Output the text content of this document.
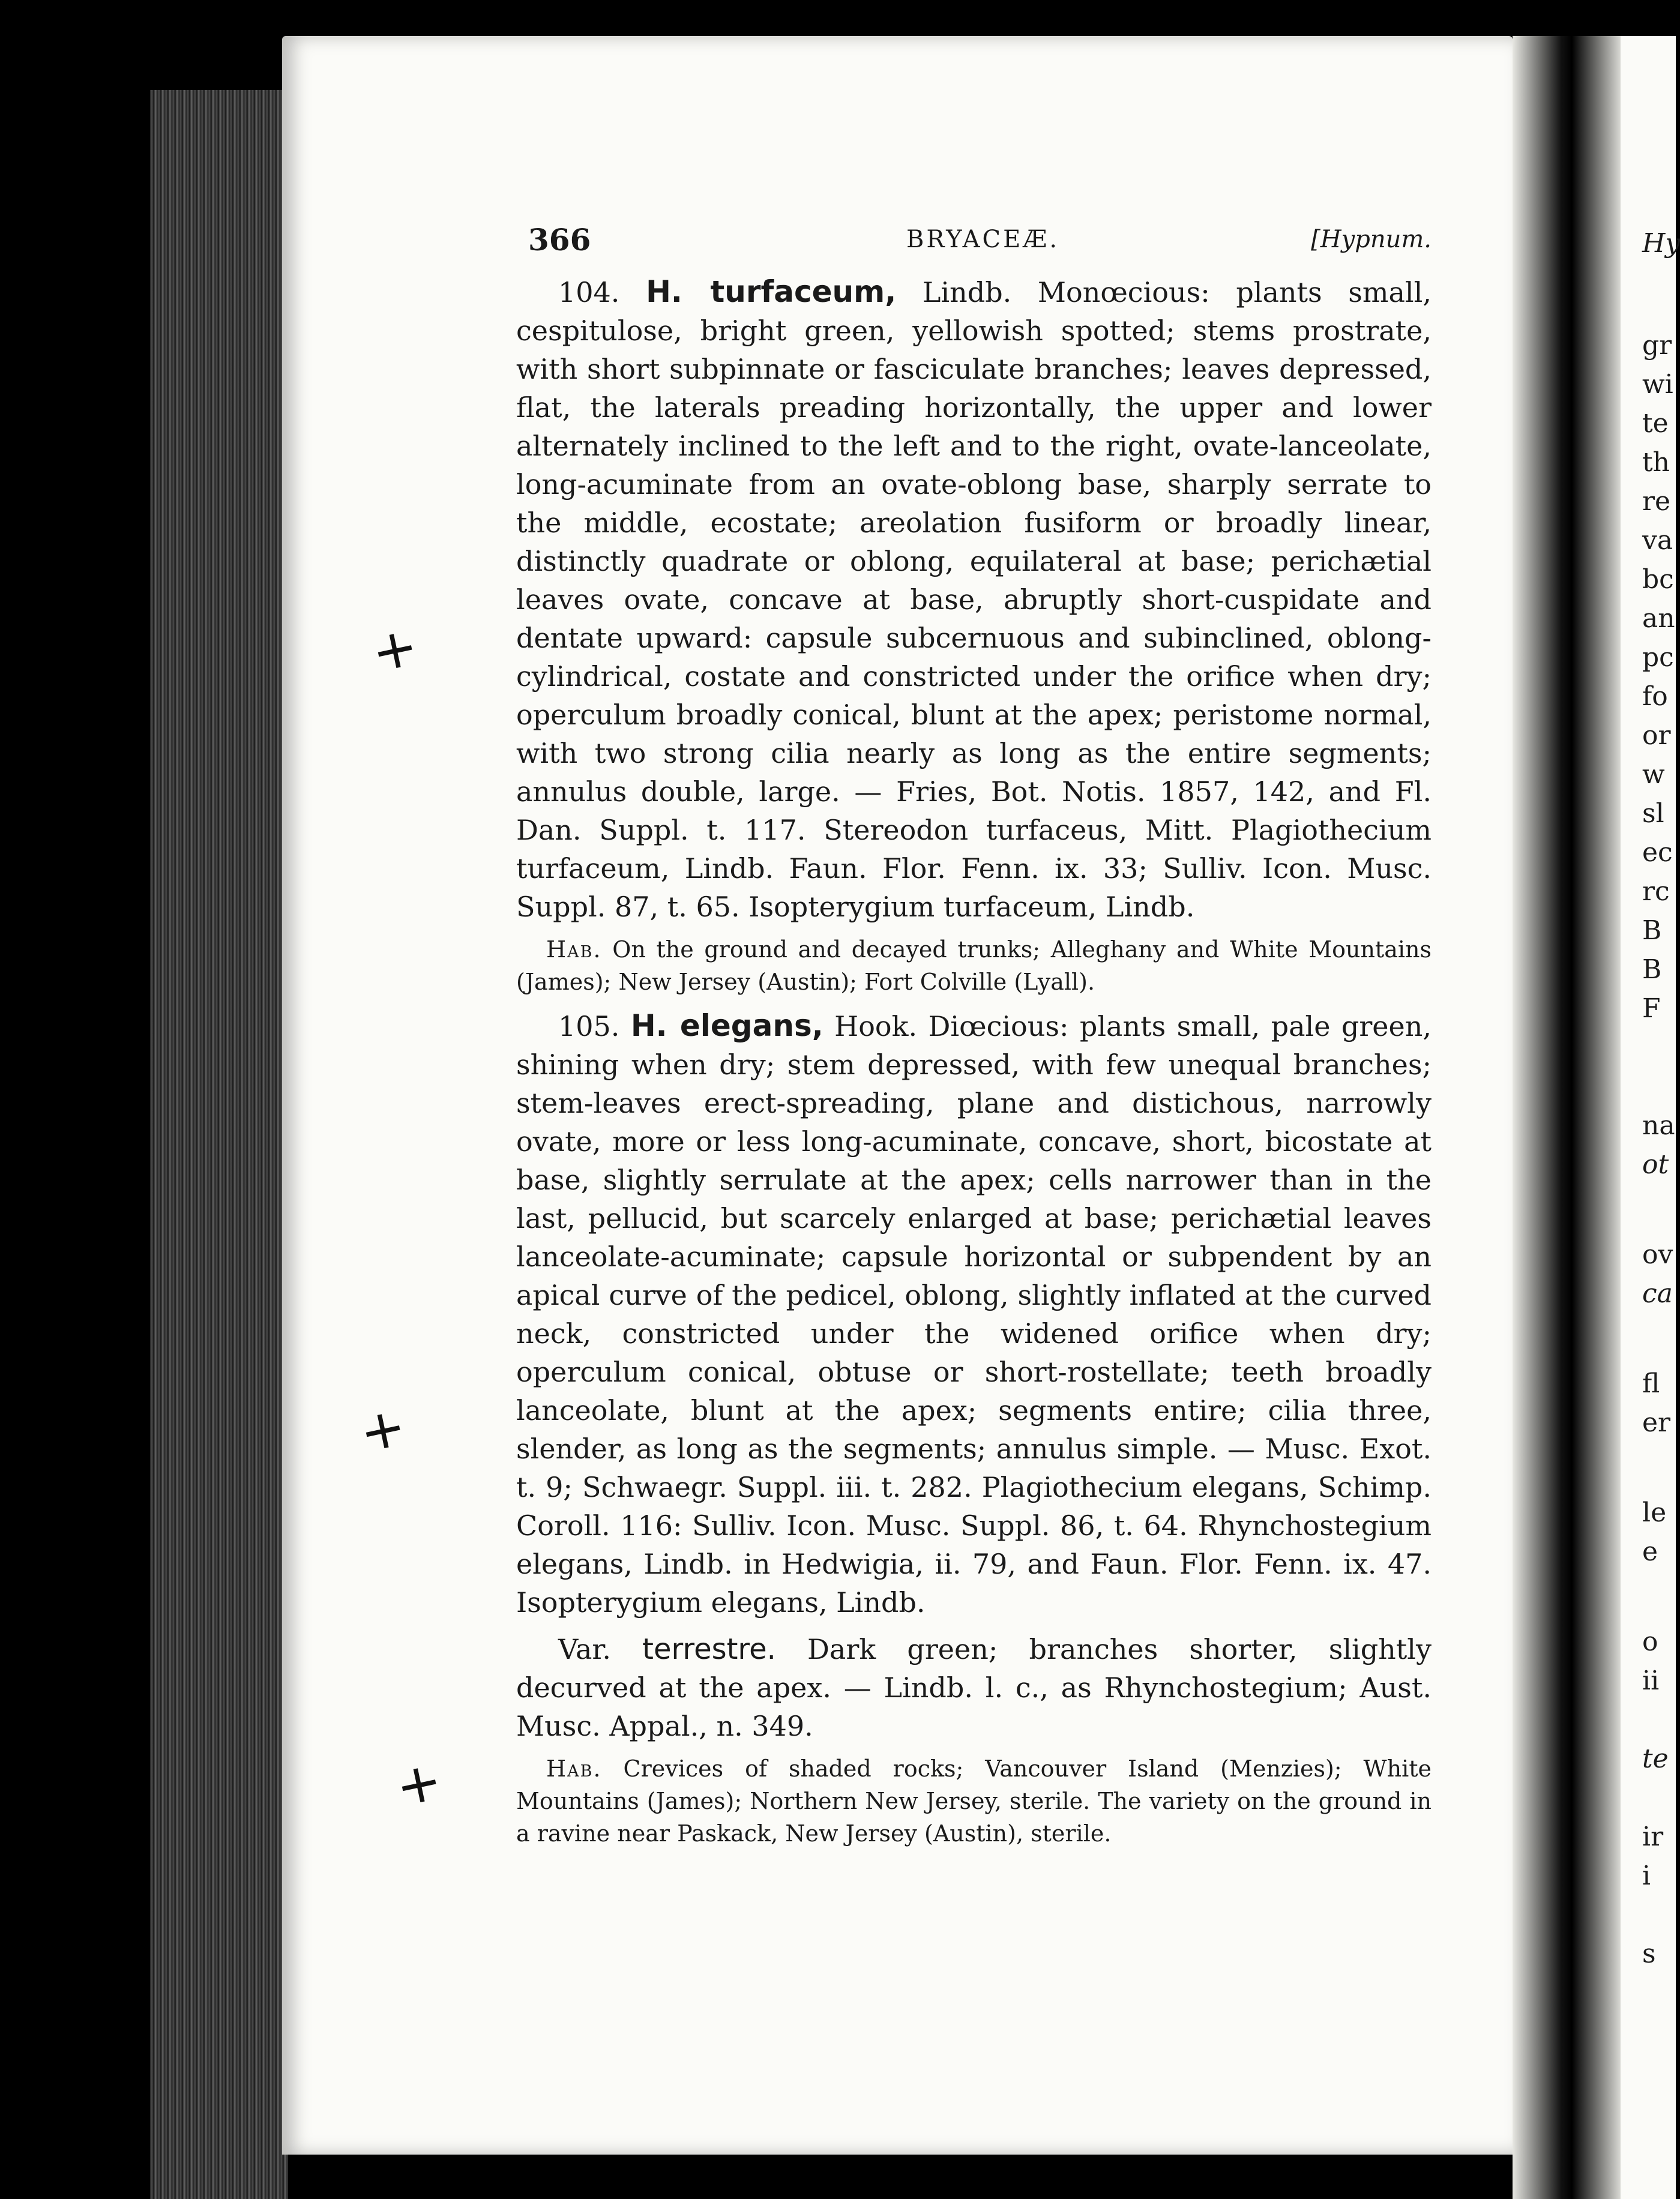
Hy
gr
wi
te
th
re
va
bc
an
pc
fo
or
w
sl
ec
rc
B
B
F
na
ot
ov
ca
fl
er
le
e
o
ii
te
ir
i
s
+
+
+
366	BRYACEÆ.	[Hypnum.

104. H. turfaceum, Lindb. Monœcious: plants small, cespitulose, bright green, yellowish spotted; stems prostrate, with short subpinnate or fasciculate branches; leaves depressed, flat, the laterals preading horizontally, the upper and lower alternately inclined to the left and to the right, ovate-lanceolate, long-acuminate from an ovate-oblong base, sharply serrate to the middle, ecostate; areolation fusiform or broadly linear, distinctly quadrate or oblong, equilateral at base; perichætial leaves ovate, concave at base, abruptly short-cuspidate and dentate upward: capsule subcernuous and subinclined, oblong-cylindrical, costate and constricted under the orifice when dry; operculum broadly conical, blunt at the apex; peristome normal, with two strong cilia nearly as long as the entire segments; annulus double, large. — Fries, Bot. Notis. 1857, 142, and Fl. Dan. Suppl. t. 117. Stereodon turfaceus, Mitt. Plagiothecium turfaceum, Lindb. Faun. Flor. Fenn. ix. 33; Sulliv. Icon. Musc. Suppl. 87, t. 65. Isopterygium turfaceum, Lindb.

Hab. On the ground and decayed trunks; Alleghany and White Mountains (James); New Jersey (Austin); Fort Colville (Lyall).

105. H. elegans, Hook. Diœcious: plants small, pale green, shining when dry; stem depressed, with few unequal branches; stem-leaves erect-spreading, plane and distichous, narrowly ovate, more or less long-acuminate, concave, short, bicostate at base, slightly serrulate at the apex; cells narrower than in the last, pellucid, but scarcely enlarged at base; perichætial leaves lanceolate-acuminate; capsule horizontal or subpendent by an apical curve of the pedicel, oblong, slightly inflated at the curved neck, constricted under the widened orifice when dry; operculum conical, obtuse or short-rostellate; teeth broadly lanceolate, blunt at the apex; segments entire; cilia three, slender, as long as the segments; annulus simple. — Musc. Exot. t. 9; Schwaegr. Suppl. iii. t. 282. Plagiothecium elegans, Schimp. Coroll. 116: Sulliv. Icon. Musc. Suppl. 86, t. 64. Rhynchostegium elegans, Lindb. in Hedwigia, ii. 79, and Faun. Flor. Fenn. ix. 47. Isopterygium elegans, Lindb.

Var. terrestre. Dark green; branches shorter, slightly decurved at the apex. — Lindb. l. c., as Rhynchostegium; Aust. Musc. Appal., n. 349.

Hab. Crevices of shaded rocks; Vancouver Island (Menzies); White Mountains (James); Northern New Jersey, sterile. The variety on the ground in a ravine near Paskack, New Jersey (Austin), sterile.
